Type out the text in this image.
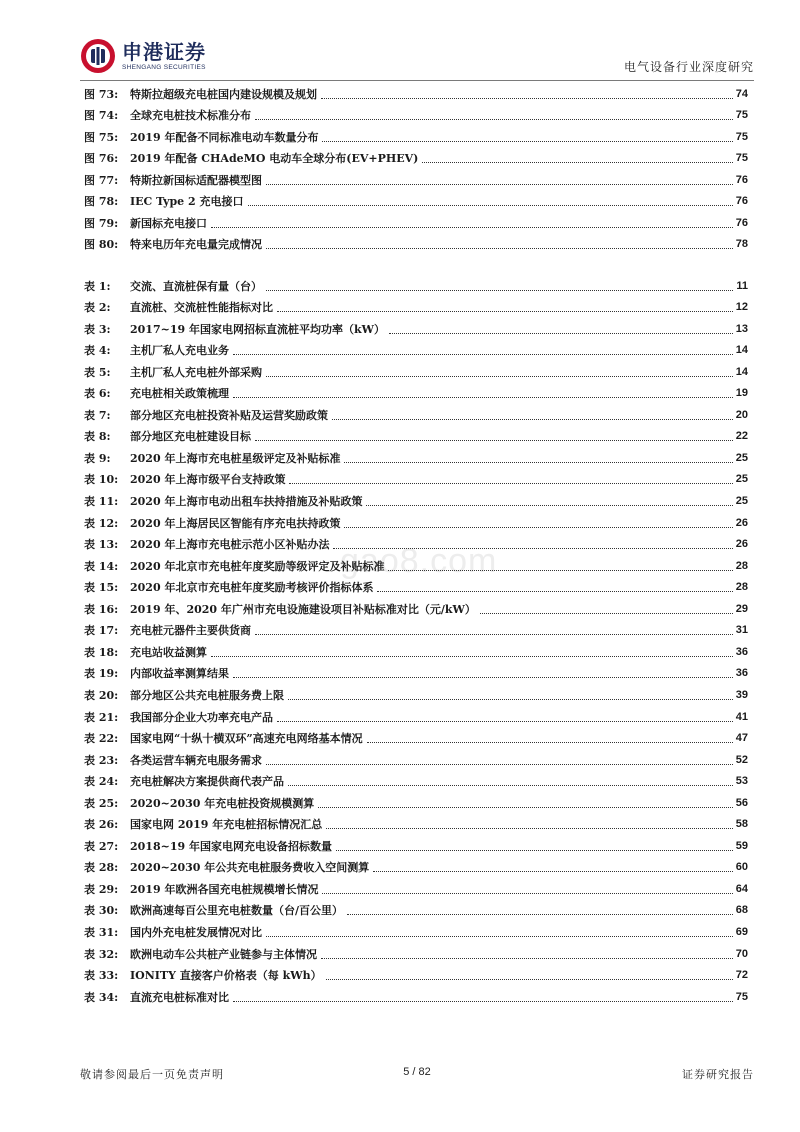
申港证券
SHENGANG SECURITIES	电气设备行业深度研究
gao8.com
图 73:	特斯拉超级充电桩国内建设规模及规划	74
图 74:	全球充电桩技术标准分布	75
图 75:	2019 年配备不同标准电动车数量分布	75
图 76:	2019 年配备 CHAdeMO 电动车全球分布(EV+PHEV)	75
图 77:	特斯拉新国标适配器模型图	76
图 78:	IEC Type 2 充电接口	76
图 79:	新国标充电接口	76
图 80:	特来电历年充电量完成情况	78
表 1:	交流、直流桩保有量（台）	11
表 2:	直流桩、交流桩性能指标对比	12
表 3:	2017~19 年国家电网招标直流桩平均功率（kW）	13
表 4:	主机厂私人充电业务	14
表 5:	主机厂私人充电桩外部采购	14
表 6:	充电桩相关政策梳理	19
表 7:	部分地区充电桩投资补贴及运营奖励政策	20
表 8:	部分地区充电桩建设目标	22
表 9:	2020 年上海市充电桩星级评定及补贴标准	25
表 10:	2020 年上海市级平台支持政策	25
表 11:	2020 年上海市电动出租车扶持措施及补贴政策	25
表 12:	2020 年上海居民区智能有序充电扶持政策	26
表 13:	2020 年上海市充电桩示范小区补贴办法	26
表 14:	2020 年北京市充电桩年度奖励等级评定及补贴标准	28
表 15:	2020 年北京市充电桩年度奖励考核评价指标体系	28
表 16:	2019 年、2020 年广州市充电设施建设项目补贴标准对比（元/kW）	29
表 17:	充电桩元器件主要供货商	31
表 18:	充电站收益测算	36
表 19:	内部收益率测算结果	36
表 20:	部分地区公共充电桩服务费上限	39
表 21:	我国部分企业大功率充电产品	41
表 22:	国家电网“十纵十横双环”高速充电网络基本情况	47
表 23:	各类运营车辆充电服务需求	52
表 24:	充电桩解决方案提供商代表产品	53
表 25:	2020~2030 年充电桩投资规模测算	56
表 26:	国家电网 2019 年充电桩招标情况汇总	58
表 27:	2018~19 年国家电网充电设备招标数量	59
表 28:	2020~2030 年公共充电桩服务费收入空间测算	60
表 29:	2019 年欧洲各国充电桩规模增长情况	64
表 30:	欧洲高速每百公里充电桩数量（台/百公里）	68
表 31:	国内外充电桩发展情况对比	69
表 32:	欧洲电动车公共桩产业链参与主体情况	70
表 33:	IONITY 直接客户价格表（每 kWh）	72
表 34:	直流充电桩标准对比	75
敬请参阅最后一页免责声明	5 / 82	证券研究报告
